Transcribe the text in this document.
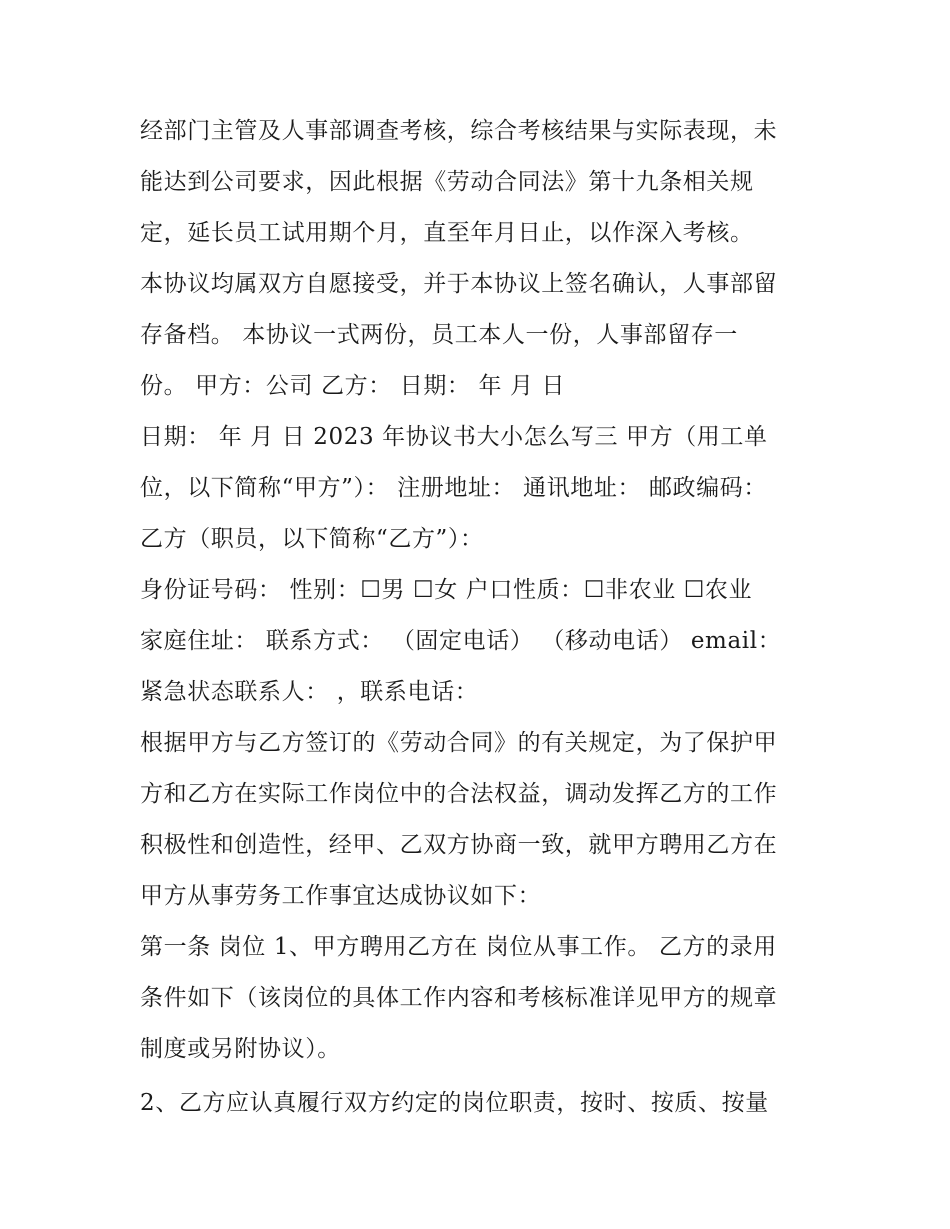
经部门主管及人事部调查考核，综合考核结果与实际表现，未
能达到公司要求，因此根据《劳动合同法》第十九条相关规
定，延长员工试用期个月，直至年月日止，以作深入考核。
本协议均属双方自愿接受，并于本协议上签名确认，人事部留
存备档。 本协议一式两份，员工本人一份，人事部留存一
份。 甲方：公司 乙方： 日期： 年 月 日
日期： 年 月 日 2023 年协议书大小怎么写三 甲方（用工单
位，以下简称“甲方”）： 注册地址： 通讯地址： 邮政编码：
乙方（职员，以下简称“乙方”）：
身份证号码： 性别：☐男 ☐女 户口性质：☐非农业 ☐农业
家庭住址： 联系方式： （固定电话） （移动电话） email：
紧急状态联系人： ，联系电话：
根据甲方与乙方签订的《劳动合同》的有关规定，为了保护甲
方和乙方在实际工作岗位中的合法权益，调动发挥乙方的工作
积极性和创造性，经甲、乙双方协商一致，就甲方聘用乙方在
甲方从事劳务工作事宜达成协议如下：
第一条 岗位 1、甲方聘用乙方在 岗位从事工作。 乙方的录用
条件如下（该岗位的具体工作内容和考核标准详见甲方的规章
制度或另附协议）。
2、乙方应认真履行双方约定的岗位职责，按时、按质、按量
